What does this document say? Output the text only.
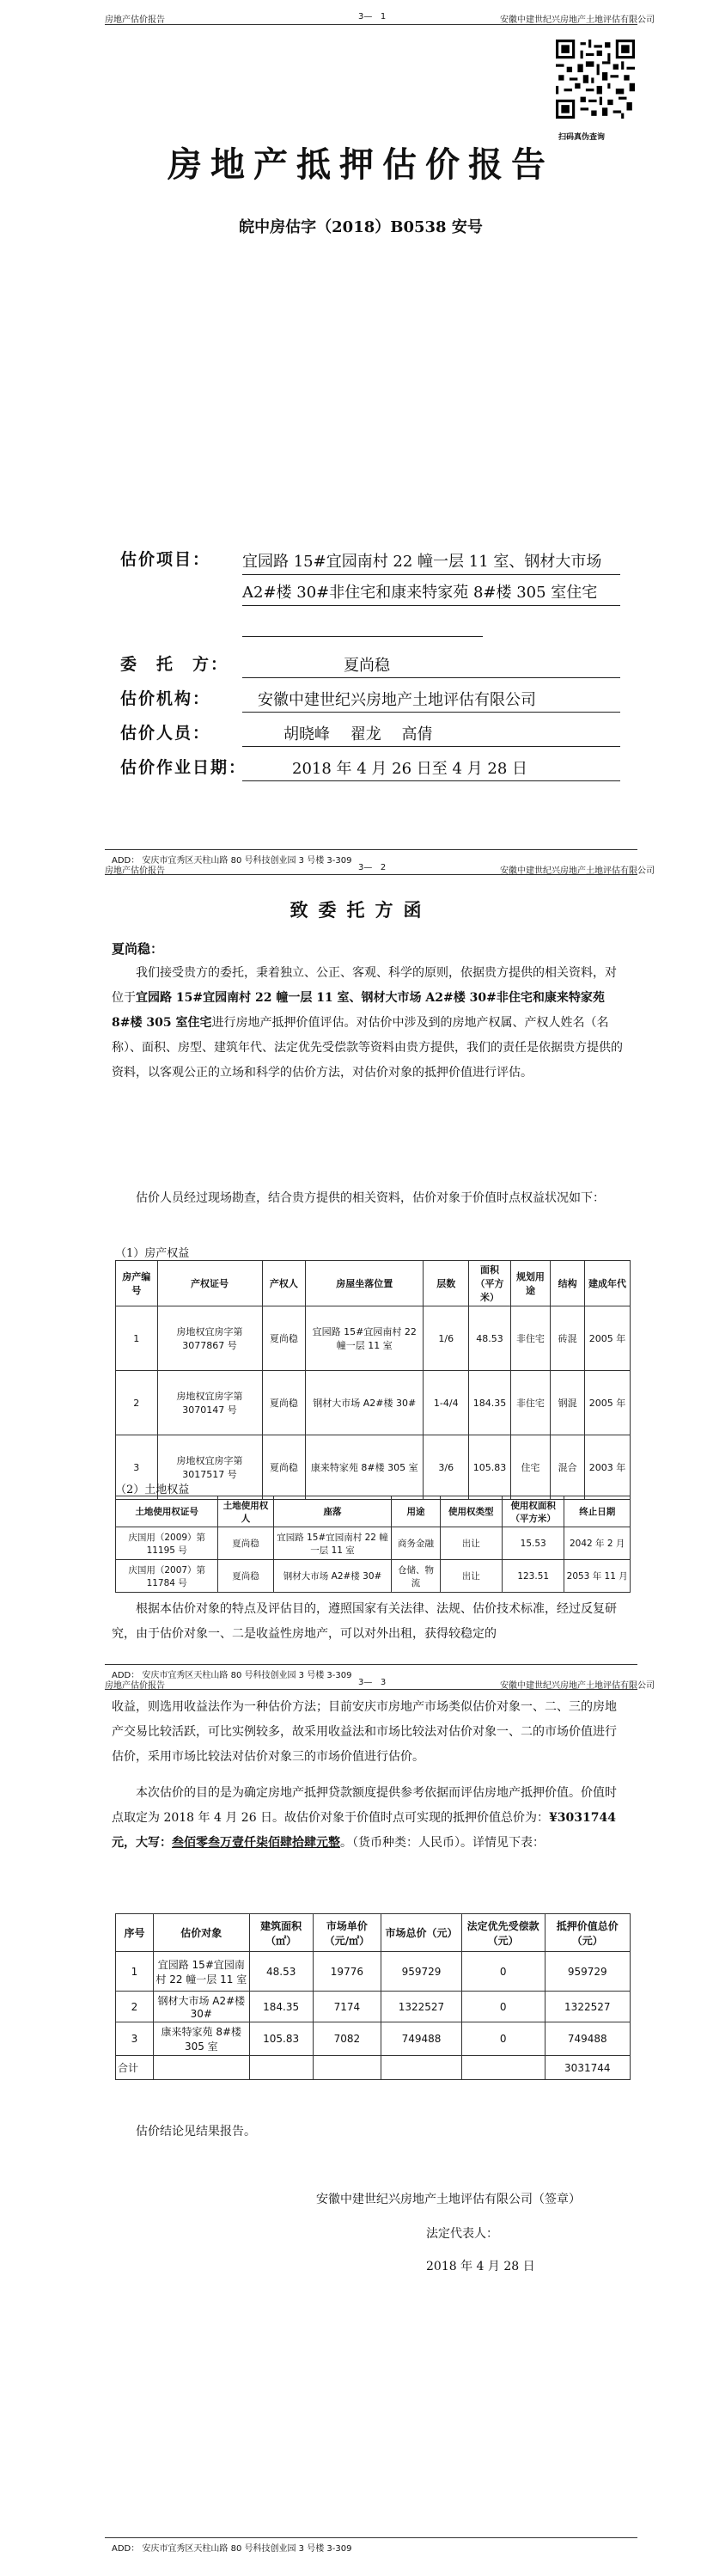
房地产估价报告	3— 1	安徽中建世纪兴房地产土地评估有限公司
扫码真伪查询
房地产抵押估价报告
皖中房估字（2018）B0538 安号
估价项目： 宜园路 15#宜园南村 22 幢一层 11 室、钢材大市场 A2#楼 30#非住宅和康来特家苑 8#楼 305 室住宅
委　托　方：	夏尚稳
估价机构：	安徽中建世纪兴房地产土地评估有限公司
估价人员：	胡晓峰　 翟龙　 高倩
估价作业日期：	2018 年 4 月 26 日至 4 月 28 日
ADD： 安庆市宜秀区天柱山路 80 号科技创业园 3 号楼 3-309
房地产估价报告	3— 2	安徽中建世纪兴房地产土地评估有限公司
致委托方函
夏尚稳：
我们接受贵方的委托，秉着独立、公正、客观、科学的原则，依据贵方提供的相关资料，对位于宜园路 15#宜园南村 22 幢一层 11 室、钢材大市场 A2#楼 30#非住宅和康来特家苑 8#楼 305 室住宅进行房地产抵押价值评估。对估价中涉及到的房地产权属、产权人姓名（名称）、面积、房型、建筑年代、法定优先受偿款等资料由贵方提供，我们的责任是依据贵方提供的资料，以客观公正的立场和科学的估价方法，对估价对象的抵押价值进行评估。
估价人员经过现场勘查，结合贵方提供的相关资料，估价对象于价值时点权益状况如下：
（1）房产权益
房产编号	产权证号	产权人	房屋坐落位置	层数	面积（平方米）	规划用途	结构	建成年代
1	房地权宜房字第 3077867 号	夏尚稳	宜园路 15#宜园南村 22 幢一层 11 室	1/6	48.53	非住宅	砖混	2005 年
2	房地权宜房字第 3070147 号	夏尚稳	钢材大市场 A2#楼 30#	1-4/4	184.35	非住宅	钢混	2005 年
3	房地权宜房字第 3017517 号	夏尚稳	康来特家苑 8#楼 305 室	3/6	105.83	住宅	混合	2003 年
（2）土地权益
土地使用权证号	土地使用权人	座落	用途	使用权类型	使用权面积（平方米）	终止日期
庆国用（2009）第 11195 号	夏尚稳	宜园路 15#宜园南村 22 幢一层 11 室	商务金融	出让	15.53	2042 年 2 月
庆国用（2007）第 11784 号	夏尚稳	钢材大市场 A2#楼 30#	仓储、物流	出让	123.51	2053 年 11 月
根据本估价对象的特点及评估目的，遵照国家有关法律、法规、估价技术标准，经过反复研究，由于估价对象一、二是收益性房地产，可以对外出租，获得较稳定的
ADD： 安庆市宜秀区天柱山路 80 号科技创业园 3 号楼 3-309
房地产估价报告	3— 3	安徽中建世纪兴房地产土地评估有限公司
收益，则选用收益法作为一种估价方法；目前安庆市房地产市场类似估价对象一、二、三的房地产交易比较活跃，可比实例较多，故采用收益法和市场比较法对估价对象一、二的市场价值进行估价，采用市场比较法对估价对象三的市场价值进行估价。
本次估价的目的是为确定房地产抵押贷款额度提供参考依据而评估房地产抵押价值。价值时点取定为 2018 年 4 月 26 日。故估价对象于价值时点可实现的抵押价值总价为：¥3031744元，大写：叁佰零叁万壹仟柒佰肆拾肆元整。（货币种类：人民币）。详情见下表：
序号	估价对象	建筑面积（㎡）	市场单价（元/㎡）	市场总价（元）	法定优先受偿款（元）	抵押价值总价（元）
1	宜园路 15#宜园南村 22 幢一层 11 室	48.53	19776	959729	0	959729
2	钢材大市场 A2#楼 30#	184.35	7174	1322527	0	1322527
3	康来特家苑 8#楼 305 室	105.83	7082	749488	0	749488
合计						3031744
估价结论见结果报告。
安徽中建世纪兴房地产土地评估有限公司（签章）
法定代表人：
2018 年 4 月 28 日
ADD： 安庆市宜秀区天柱山路 80 号科技创业园 3 号楼 3-309
